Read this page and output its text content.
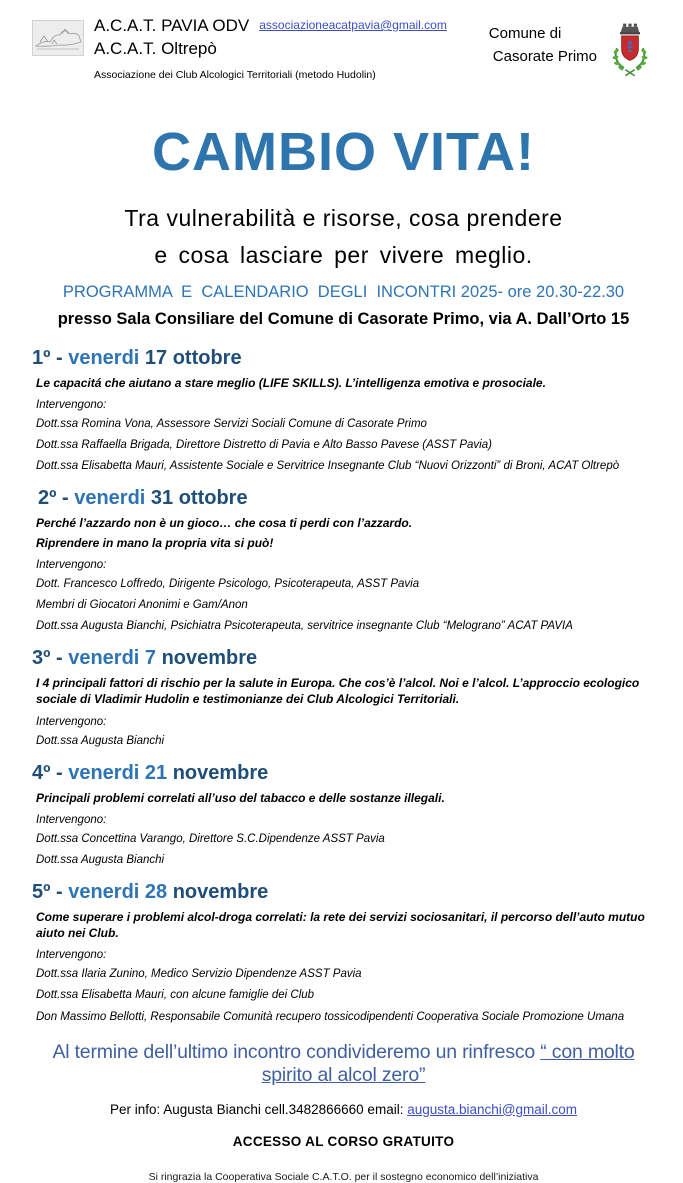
A.C.A.T. PAVIA ODV associazioneacatpavia@gmail.com
A.C.A.T. Oltrepò
Associazione dei Club Alcologici Territoriali (metodo Hudolin)
Comune di
Casorate Primo
CAMBIO VITA!
Tra vulnerabilità e risorse, cosa prendere
e cosa lasciare per vivere meglio.
PROGRAMMA  E  CALENDARIO  DEGLI  INCONTRI 2025- ore 20.30-22.30
presso Sala Consiliare del Comune di Casorate Primo, via A. Dall’Orto 15
1º - venerdi 17 ottobre

Le capacitá che aiutano a stare meglio (LIFE SKILLS). L’intelligenza emotiva e prosociale.

Intervengono:

Dott.ssa Romina Vona, Assessore Servizi Sociali Comune di Casorate Primo

Dott.ssa Raffaella Brigada, Direttore Distretto di Pavia e Alto Basso Pavese (ASST Pavia)

Dott.ssa Elisabetta Mauri, Assistente Sociale e Servitrice Insegnante Club “Nuovi Orizzonti” di Broni, ACAT Oltrepò

2º - venerdi 31 ottobre

Perché l’azzardo non è un gioco… che cosa ti perdi con l’azzardo.

Riprendere in mano la propria vita si può!

Intervengono:

Dott. Francesco Loffredo, Dirigente Psicologo, Psicoterapeuta, ASST Pavia

Membri di Giocatori Anonimi e Gam/Anon

Dott.ssa Augusta Bianchi, Psichiatra Psicoterapeuta, servitrice insegnante Club “Melograno” ACAT PAVIA

3º - venerdi 7 novembre

I 4 principali fattori di rischio per la salute in Europa. Che cos’è l’alcol. Noi e l’alcol. L’approccio ecologico sociale di Vladimir Hudolin e testimonianze dei Club Alcologici Territoriali.

Intervengono:

Dott.ssa Augusta Bianchi

4º - venerdi 21 novembre

Principali problemi correlati all’uso del tabacco e delle sostanze illegali.

Intervengono:

Dott.ssa Concettina Varango, Direttore S.C.Dipendenze ASST Pavia

Dott.ssa Augusta Bianchi

5º - venerdi 28 novembre

Come superare i problemi alcol-droga correlati: la rete dei servizi sociosanitari, il percorso dell’auto mutuo aiuto nei Club.

Intervengono:

Dott.ssa Ilaria Zunino, Medico Servizio Dipendenze ASST Pavia

Dott.ssa Elisabetta Mauri, con alcune famiglie dei Club

Don Massimo Bellotti, Responsabile Comunità recupero tossicodipendenti Cooperativa Sociale Promozione Umana

Al termine dell’ultimo incontro condivideremo un rinfresco “ con molto spirito al alcol zero”
Per info: Augusta Bianchi cell.3482866660 email: augusta.bianchi@gmail.com
ACCESSO AL CORSO GRATUITO
Si ringrazia la Cooperativa Sociale C.A.T.O. per il sostegno economico dell’iniziativa
